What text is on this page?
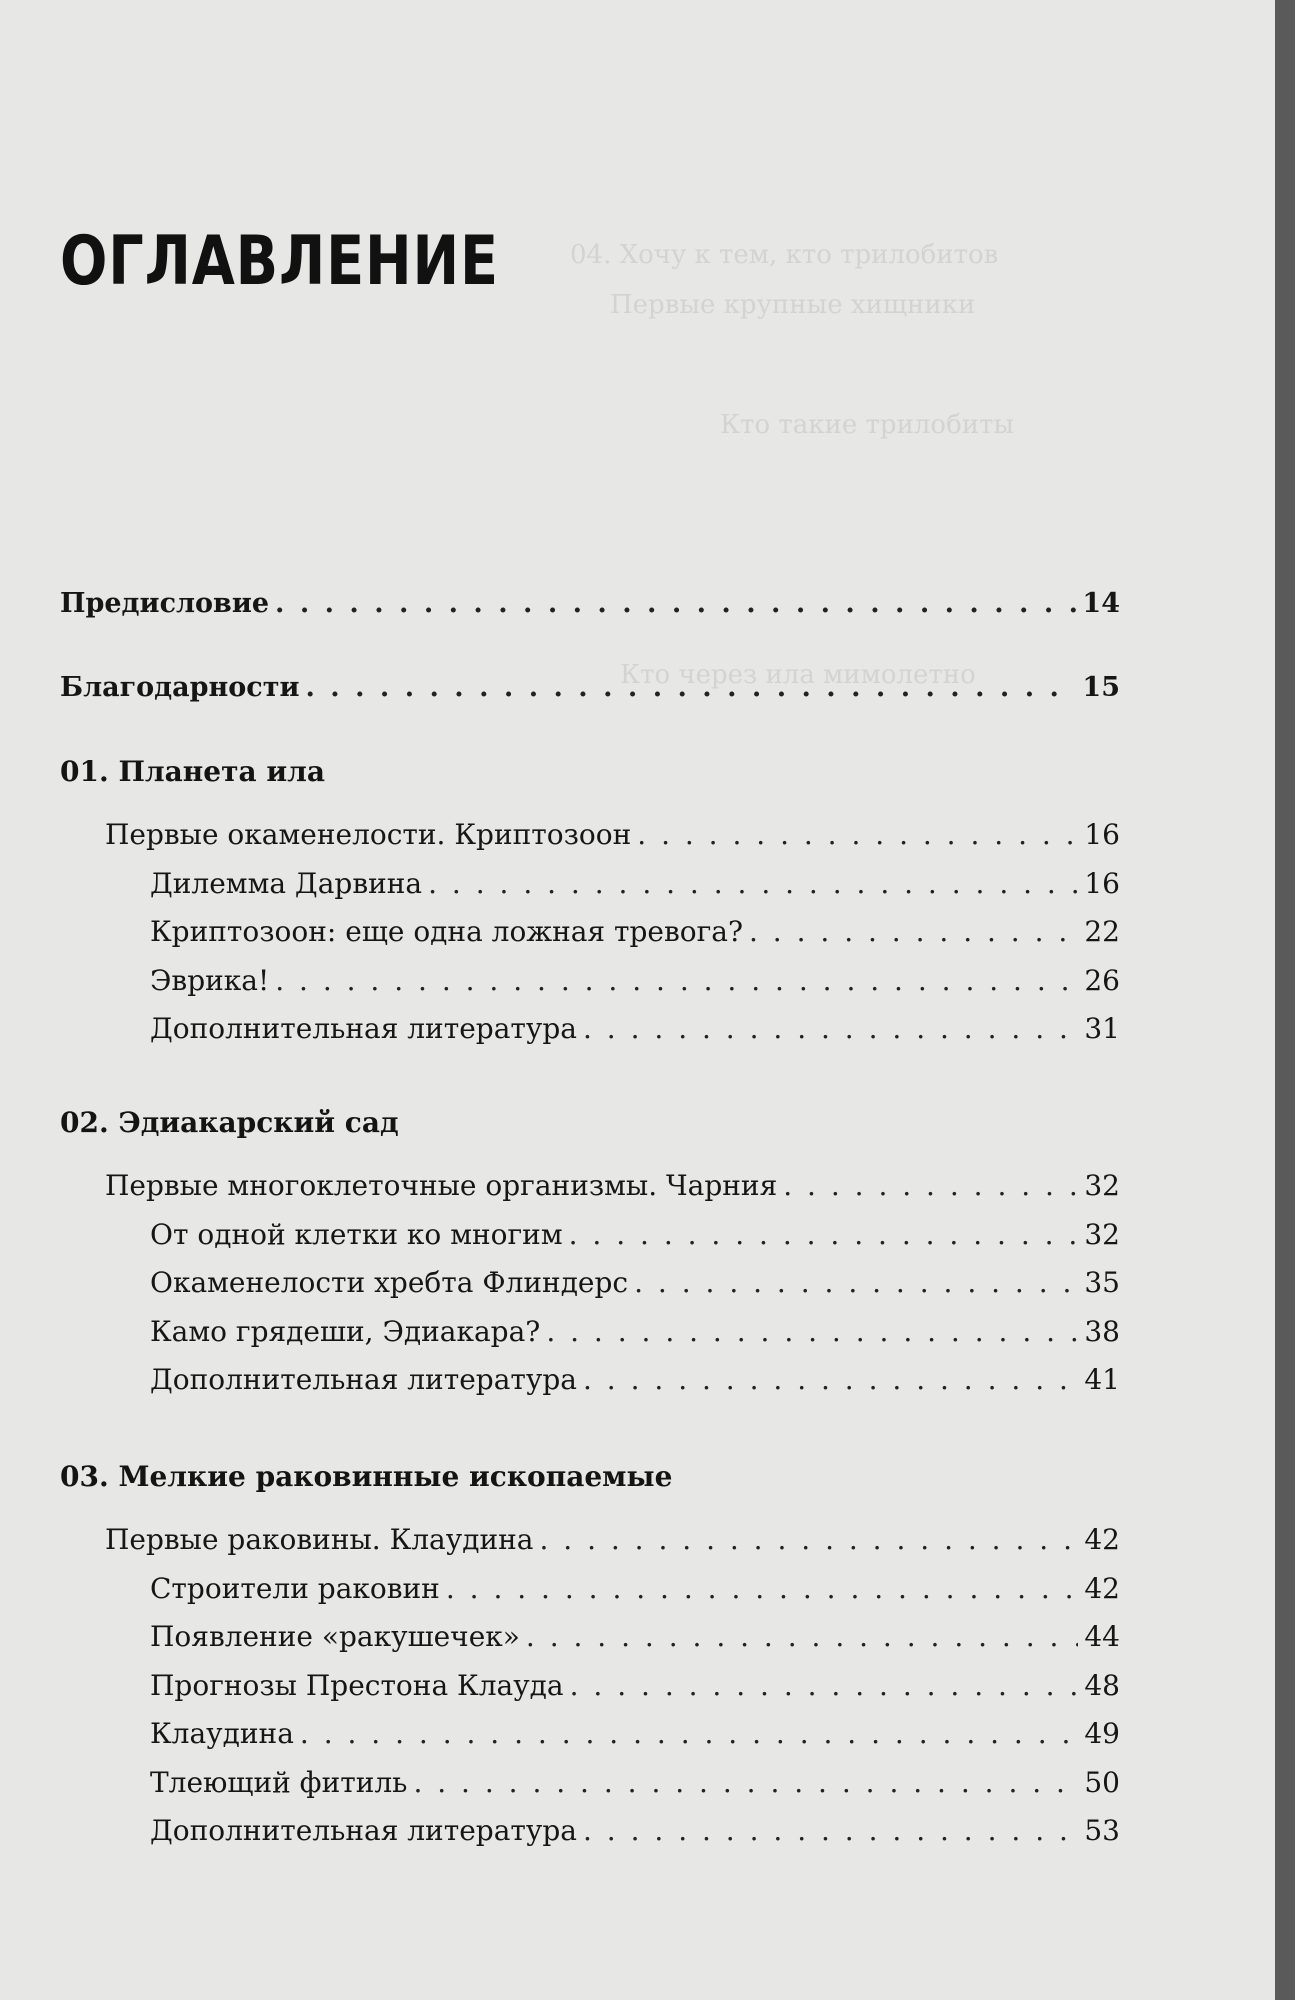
04. Хочу к тем, кто трилобитов
Первые крупные хищники
Кто такие трилобиты
Кто через ила мимолетно
ОГЛАВЛЕНИЕ
Предисловие . . .	14
Благодарности . . .	15
01. Планета ила
Первые окаменелости. Криптозоон . . .	16
Дилемма Дарвина . . .	16
Криптозоон: еще одна ложная тревога? . . .	22
Эврика! . . .	26
Дополнительная литература . . .	31
02. Эдиакарский сад
Первые многоклеточные организмы. Чарния . . .	32
От одной клетки ко многим . . .	32
Окаменелости хребта Флиндерс . . .	35
Камо грядеши, Эдиакара? . . .	38
Дополнительная литература . . .	41
03. Мелкие раковинные ископаемые
Первые раковины. Клаудина . . .	42
Строители раковин . . .	42
Появление «ракушечек» . . .	44
Прогнозы Престона Клауда . . .	48
Клаудина . . .	49
Тлеющий фитиль . . .	50
Дополнительная литература . . .	53
